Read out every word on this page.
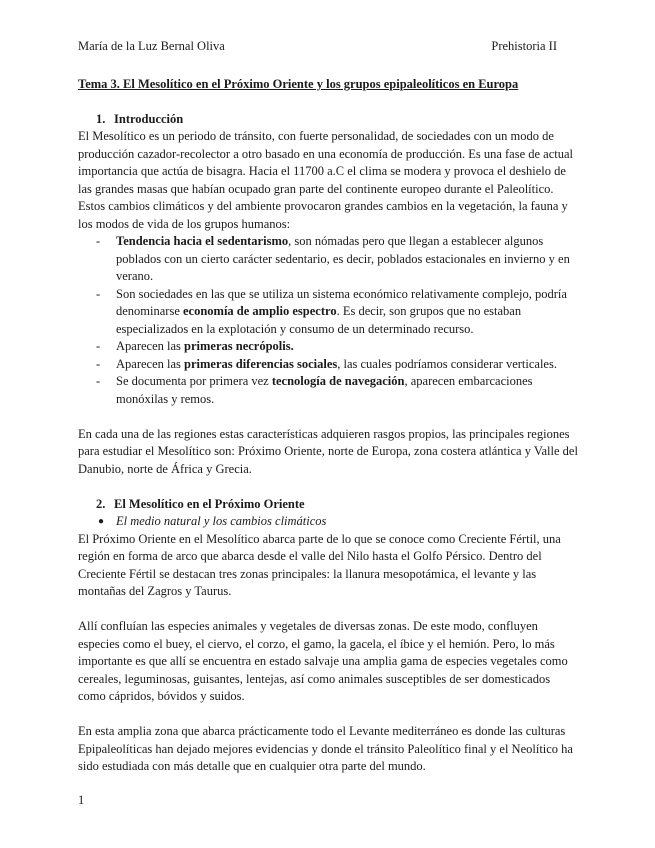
María de la Luz Bernal Oliva	Prehistoria II
Tema 3. El Mesolítico en el Próximo Oriente y los grupos epipaleolíticos en Europa
1. Introducción

El Mesolítico es un periodo de tránsito, con fuerte personalidad, de sociedades con un modo de producción cazador-recolector a otro basado en una economía de producción. Es una fase de actual importancia que actúa de bisagra. Hacia el 11700 a.C el clima se modera y provoca el deshielo de las grandes masas que habían ocupado gran parte del continente europeo durante el Paleolítico. Estos cambios climáticos y del ambiente provocaron grandes cambios en la vegetación, la fauna y los modos de vida de los grupos humanos:

- Tendencia hacia el sedentarismo, son nómadas pero que llegan a establecer algunos poblados con un cierto carácter sedentario, es decir, poblados estacionales en invierno y en verano.
- Son sociedades en las que se utiliza un sistema económico relativamente complejo, podría denominarse economía de amplio espectro. Es decir, son grupos que no estaban especializados en la explotación y consumo de un determinado recurso.
- Aparecen las primeras necrópolis.
- Aparecen las primeras diferencias sociales, las cuales podríamos considerar verticales.
- Se documenta por primera vez tecnología de navegación, aparecen embarcaciones monóxilas y remos.

En cada una de las regiones estas características adquieren rasgos propios, las principales regiones para estudiar el Mesolítico son: Próximo Oriente, norte de Europa, zona costera atlántica y Valle del Danubio, norte de África y Grecia.

2. El Mesolítico en el Próximo Oriente
● El medio natural y los cambios climáticos

El Próximo Oriente en el Mesolítico abarca parte de lo que se conoce como Creciente Fértil, una región en forma de arco que abarca desde el valle del Nilo hasta el Golfo Pérsico. Dentro del Creciente Fértil se destacan tres zonas principales: la llanura mesopotámica, el levante y las montañas del Zagros y Taurus.

Allí confluían las especies animales y vegetales de diversas zonas. De este modo, confluyen especies como el buey, el ciervo, el corzo, el gamo, la gacela, el íbice y el hemión. Pero, lo más importante es que allí se encuentra en estado salvaje una amplia gama de especies vegetales como cereales, leguminosas, guisantes, lentejas, así como animales susceptibles de ser domesticados como cápridos, bóvidos y suidos.

En esta amplia zona que abarca prácticamente todo el Levante mediterráneo es donde las culturas Epipaleolíticas han dejado mejores evidencias y donde el tránsito Paleolítico final y el Neolítico ha sido estudiada con más detalle que en cualquier otra parte del mundo.

1
